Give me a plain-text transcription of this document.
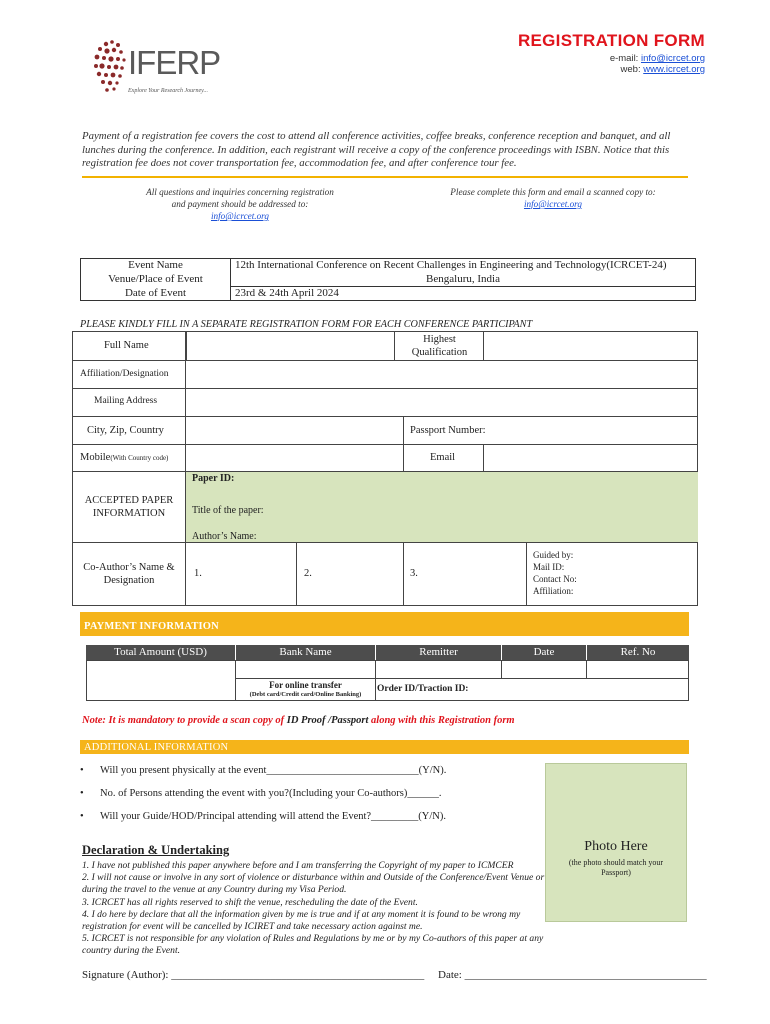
IFERP
Explore Your Research Journey...
REGISTRATION FORM
e-mail: info@icrcet.org
web: www.icrcet.org
Payment of a registration fee covers the cost to attend all conference activities, coffee breaks, conference reception and banquet, and all lunches during the conference. In addition, each registrant will receive a copy of the conference proceedings with ISBN. Notice that this registration fee does not cover transportation fee, accommodation fee, and after conference tour fee.
All questions and inquiries concerning registration
and payment should be addressed to:
info@icrcet.org
Please complete this form and email a scanned copy to:
info@icrcet.org
Event Name	12th International Conference on Recent Challenges in Engineering and Technology(ICRCET-24)
Venue/Place of Event	Bengaluru, India
Date of Event	23rd & 24th April 2024
PLEASE KINDLY FILL IN A SEPARATE REGISTRATION FORM FOR EACH CONFERENCE PARTICIPANT
Full Name
Highest
Qualification
Affiliation/Designation
Mailing Address
City, Zip, Country	Passport Number:
Mobile(With Country code)	Email
ACCEPTED PAPER
INFORMATION
Paper ID:
Title of the paper:
Author’s Name:
Co-Author’s Name &
Designation
1.	2.	3.
Guided by:
Mail ID:
Contact No:
Affiliation:
PAYMENT INFORMATION
Total Amount (USD)	Bank Name	Remitter	Date	Ref. No
For online transfer
(Debt card/Credit card/Online Banking)
Order ID/Traction ID:
Note: It is mandatory to provide a scan copy of ID Proof /Passport along with this Registration form
ADDITIONAL INFORMATION
• Will you present physically at the event_____________________________(Y/N).
• No. of Persons attending the event with you?(Including your Co-authors)______.
• Will your Guide/HOD/Principal attending will attend the Event?_________(Y/N).
Photo Here
(the photo should match your
Passport)
Declaration & Undertaking
1. I have not published this paper anywhere before and I am transferring the Copyright of my paper to ICMCER
2. I will not cause or involve in any sort of violence or disturbance within and Outside of the Conference/Event Venue or during the travel to the venue at any Country during my Visa Period.
3. ICRCET has all rights reserved to shift the venue, rescheduling the date of the Event.
4. I do here by declare that all the information given by me is true and if at any moment it is found to be wrong my registration for event will be cancelled by ICIRET and take necessary action against me.
5. ICRCET is not responsible for any violation of Rules and Regulations by me or by my Co-authors of this paper at any country during the Event.
Signature (Author): ______________________________________________ Date: ____________________________________________
